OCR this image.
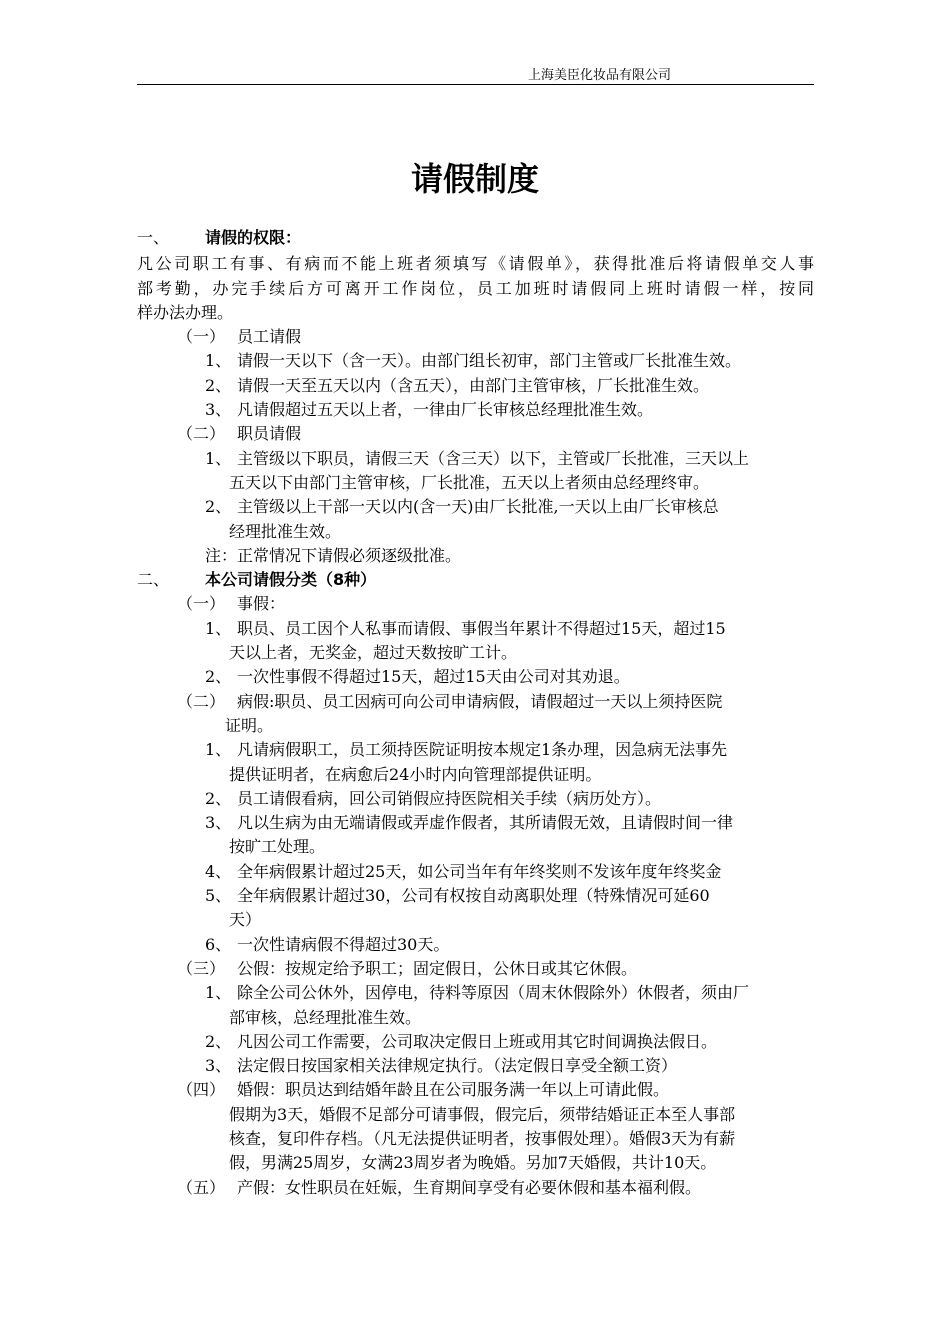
上海美臣化妆品有限公司
请假制度
一、 请假的权限：
凡公司职工有事、有病而不能上班者须填写《请假单》，获得批准后将请假单交人事
部考勤，办完手续后方可离开工作岗位，员工加班时请假同上班时请假一样，按同
样办法办理。
（一） 员工请假
1、 请假一天以下（含一天）。由部门组长初审，部门主管或厂长批准生效。
2、 请假一天至五天以内（含五天），由部门主管审核，厂长批准生效。
3、 凡请假超过五天以上者，一律由厂长审核总经理批准生效。
（二） 职员请假
1、 主管级以下职员，请假三天（含三天）以下，主管或厂长批准，三天以上
五天以下由部门主管审核，厂长批准，五天以上者须由总经理终审。
2、 主管级以上干部一天以内(含一天)由厂长批准,一天以上由厂长审核总
经理批准生效。
注：正常情况下请假必须逐级批准。
二、 本公司请假分类（8种）
（一） 事假：
1、 职员、员工因个人私事而请假、事假当年累计不得超过15天，超过15
天以上者，无奖金，超过天数按旷工计。
2、 一次性事假不得超过15天，超过15天由公司对其劝退。
（二） 病假:职员、员工因病可向公司申请病假，请假超过一天以上须持医院
证明。
1、 凡请病假职工，员工须持医院证明按本规定1条办理，因急病无法事先
提供证明者，在病愈后24小时内向管理部提供证明。
2、 员工请假看病，回公司销假应持医院相关手续（病历处方）。
3、 凡以生病为由无端请假或弄虚作假者，其所请假无效，且请假时间一律
按旷工处理。
4、 全年病假累计超过25天，如公司当年有年终奖则不发该年度年终奖金
5、 全年病假累计超过30，公司有权按自动离职处理（特殊情况可延60
天）
6、 一次性请病假不得超过30天。
（三） 公假：按规定给予职工；固定假日，公休日或其它休假。
1、 除全公司公休外，因停电，待料等原因（周末休假除外）休假者，须由厂
部审核，总经理批准生效。
2、 凡因公司工作需要，公司取决定假日上班或用其它时间调换法假日。
3、 法定假日按国家相关法律规定执行。（法定假日享受全额工资）
（四） 婚假：职员达到结婚年龄且在公司服务满一年以上可请此假。
假期为3天，婚假不足部分可请事假，假完后，须带结婚证正本至人事部
核查，复印件存档。（凡无法提供证明者，按事假处理）。婚假3天为有薪
假，男满25周岁，女满23周岁者为晚婚。另加7天婚假，共计10天。
（五） 产假：女性职员在妊娠，生育期间享受有必要休假和基本福利假。
